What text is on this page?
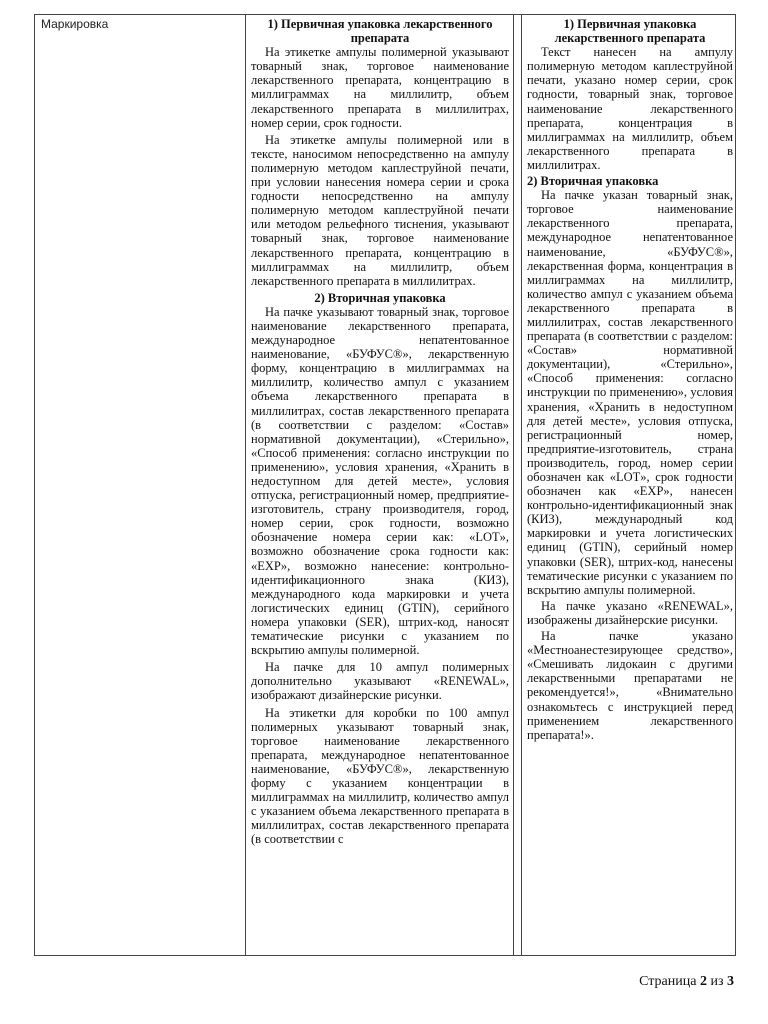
Маркировка	1) Первичная упаковка лекарственного препарата

На этикетке ампулы полимерной указывают товарный знак, торговое наименование лекарственного препарата, концентрацию в миллиграммах на миллилитр, объем лекарственного препарата в миллилитрах, номер серии, срок годности.

На этикетке ампулы полимерной или в тексте, наносимом непосредственно на ампулу полимерную методом каплеструйной печати, при условии нанесения номера серии и срока годности непосредственно на ампулу полимерную методом каплеструйной печати или методом рельефного тиснения, указывают товарный знак, торговое наименование лекарственного препарата, концентрацию в миллиграммах на миллилитр, объем лекарственного препарата в миллилитрах.

2) Вторичная упаковка

На пачке указывают товарный знак, торговое наименование лекарственного препарата, международное непатентованное наименование, «БУФУС®», лекарственную форму, концентрацию в миллиграммах на миллилитр, количество ампул с указанием объема лекарственного препарата в миллилитрах, состав лекарственного препарата (в соответствии с разделом: «Состав» нормативной документации), «Стерильно», «Способ применения: согласно инструкции по применению», условия хранения, «Хранить в недоступном для детей месте», условия отпуска, регистрационный номер, предприятие-изготовитель, страну производителя, город, номер серии, срок годности, возможно обозначение номера серии как: «LOT», возможно обозначение срока годности как: «EXP», возможно нанесение: контрольно-идентификационного знака (КИЗ), международного кода маркировки и учета логистических единиц (GTIN), серийного номера упаковки (SER), штрих-код, наносят тематические рисунки с указанием по вскрытию ампулы полимерной.

На пачке для 10 ампул полимерных дополнительно указывают «RENEWAL», изображают дизайнерские рисунки.

На этикетки для коробки по 100 ампул полимерных указывают товарный знак, торговое наименование лекарственного препарата, международное непатентованное наименование, «БУФУС®», лекарственную форму с указанием концентрации в миллиграммах на миллилитр, количество ампул с указанием объема лекарственного препарата в миллилитрах, состав лекарственного препарата (в соответствии с

1) Первичная упаковка лекарственного препарата

Текст нанесен на ампулу полимерную методом каплеструйной печати, указано номер серии, срок годности, товарный знак, торговое наименование лекарственного препарата, концентрация в миллиграммах на миллилитр, объем лекарственного препарата в миллилитрах.

2) Вторичная упаковка

На пачке указан товарный знак, торговое наименование лекарственного препарата, международное непатентованное наименование, «БУФУС®», лекарственная форма, концентрация в миллиграммах на миллилитр, количество ампул с указанием объема лекарственного препарата в миллилитрах, состав лекарственного препарата (в соответствии с разделом: «Состав» нормативной документации), «Стерильно», «Способ применения: согласно инструкции по применению», условия хранения, «Хранить в недоступном для детей месте», условия отпуска, регистрационный номер, предприятие-изготовитель, страна производитель, город, номер серии обозначен как «LOT», срок годности обозначен как «EXP», нанесен контрольно-идентификационный знак (КИЗ), международный код маркировки и учета логистических единиц (GTIN), серийный номер упаковки (SER), штрих-код, нанесены тематические рисунки с указанием по вскрытию ампулы полимерной.

На пачке указано «RENEWAL», изображены дизайнерские рисунки.

На пачке указано «Местноанестезирующее средство», «Смешивать лидокаин с другими лекарственными препаратами не рекомендуется!», «Внимательно ознакомьтесь с инструкцией перед применением лекарственного препарата!».

Страница 2 из 3
